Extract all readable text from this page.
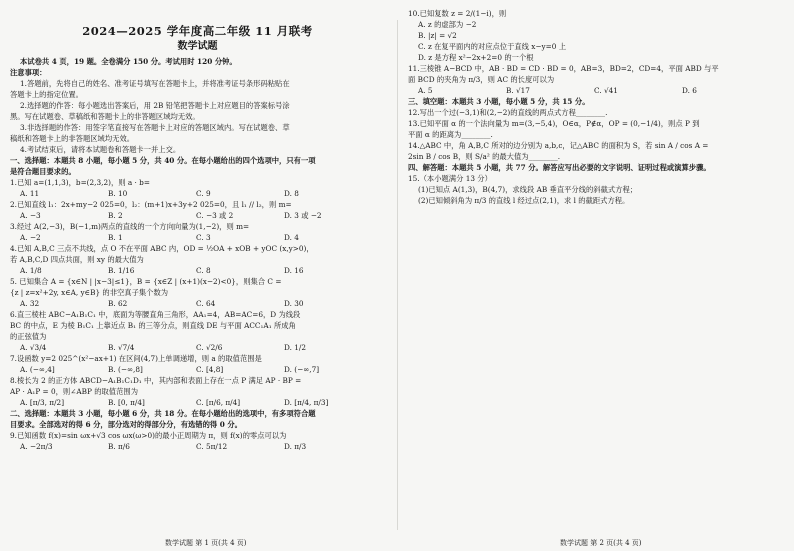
2024—2025 学年度高二年级 11 月联考
数学试题
本试卷共 4 页，19 题。全卷满分 150 分。考试用时 120 分钟。
注意事项：
1.答题前，先将自己的姓名、准考证号填写在答题卡上，并将准考证号条形码粘贴在
答题卡上的指定位置。
2.选择题的作答：每小题选出答案后，用 2B 铅笔把答题卡上对应题目的答案标号涂
黑。写在试题卷、草稿纸和答题卡上的非答题区域均无效。
3.非选择题的作答：用签字笔直接写在答题卡上对应的答题区域内。写在试题卷、草
稿纸和答题卡上的非答题区域均无效。
4.考试结束后，请将本试题卷和答题卡一并上交。
一、选择题：本题共 8 小题，每小题 5 分，共 40 分。在每小题给出的四个选项中，只有一项
是符合题目要求的。
1.已知 a=(1,1,3)，b=(2,3,2)，则 a · b=
A. 11	B. 10	C. 9	D. 8
2.已知直线 l₁：2x+my−2 025=0，l₂：(m+1)x+3y+2 025=0，且 l₁ // l₂，则 m=
A. −3	B. 2	C. −3 或 2	D. 3 或 −2
3.经过 A(2,−3)，B(−1,m)两点的直线的一个方向向量为(1,−2)，则 m=
A. −2	B. 1	C. 3	D. 4
4.已知 A,B,C 三点不共线，点 O 不在平面 ABC 内，OD = ½OA + xOB + yOC (x,y>0)，
若 A,B,C,D 四点共面，则 xy 的最大值为
A. 1/8	B. 1/16	C. 8	D. 16
5. 已知集合 A = {x∈N | |x−3|≤1}，B = {x∈Z | (x+1)(x−2)<0}，则集合 C =
{z | z=x²+2y, x∈A, y∈B} 的非空真子集个数为
A. 32	B. 62	C. 64	D. 30
6.直三棱柱 ABC−A₁B₁C₁ 中，底面为等腰直角三角形，AA₁=4，AB=AC=6，D 为线段
BC 的中点，E 为棱 B₁C₁ 上靠近点 B₁ 的三等分点，则直线 DE 与平面 ACC₁A₁ 所成角
的正弦值为
A. √3/4	B. √7/4	C. √2/6	D. 1/2
7.设函数 y=2 025^(x²−ax+1) 在区间(4,7)上单调递增，则 a 的取值范围是
A. (−∞,4]	B. (−∞,8]	C. [4,8]	D. (−∞,7]
8.棱长为 2 的正方体 ABCD−A₁B₁C₁D₁ 中，其内部和表面上存在一点 P 满足 AP · BP =
AP · A₁P = 0，则∠ABP 的取值范围为
A. [π/3, π/2]	B. [0, π/4]	C. [π/6, π/4]	D. [π/4, π/3]
二、选择题：本题共 3 小题，每小题 6 分，共 18 分。在每小题给出的选项中，有多项符合题
目要求。全部选对的得 6 分，部分选对的得部分分，有选错的得 0 分。
9.已知函数 f(x)=sin ωx+√3 cos ωx(ω>0)的最小正周期为 π，则 f(x)的零点可以为
A. −2π/3	B. π/6	C. 5π/12	D. π/3
10.已知复数 z = 2/(1−i)，则
A. z 的虚部为 −2
B. |z| = √2
C. z 在复平面内的对应点位于直线 x−y=0 上
D. z 是方程 x²−2x+2=0 的一个根
11.三棱锥 A−BCD 中，AB · BD = CD · BD = 0，AB=3，BD=2，CD=4，平面 ABD 与平
面 BCD 的夹角为 π/3，则 AC 的长度可以为
A. 5	B. √17	C. √41	D. 6
三、填空题：本题共 3 小题，每小题 5 分，共 15 分。
12.写出一个过(−3,1)和(2,−2)的直线的两点式方程________.
13.已知平面 α 的一个法向量为 m=(3,−5,4)，O∈α，P∉α，OP = (0,−1/4)，则点 P 到
平面 α 的距离为________.
14.△ABC 中，角 A,B,C 所对的边分别为 a,b,c，记△ABC 的面积为 S，若 sin A / cos A =
2sin B / cos B，则 S/a² 的最大值为________.
四、解答题：本题共 5 小题，共 77 分。解答应写出必要的文字说明、证明过程或演算步骤。
15.（本小题满分 13 分）
(1)已知点 A(1,3)，B(4,7)，求线段 AB 垂直平分线的斜截式方程；
(2)已知倾斜角为 π/3 的直线 l 经过点(2,1)，求 l 的截距式方程。
数学试题 第 1 页(共 4 页)	数学试题 第 2 页(共 4 页)
